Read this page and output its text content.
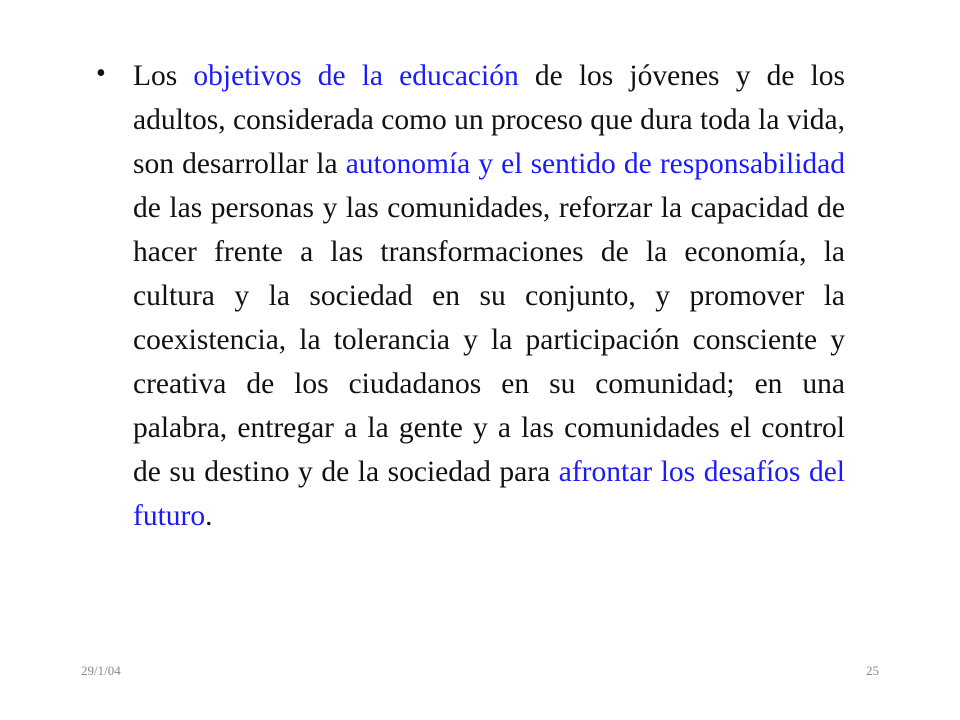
• Los objetivos de la educación de los jóvenes y de los adultos, considerada como un proceso que dura toda la vida, son desarrollar la autonomía y el sentido de responsabilidad de las personas y las comunidades, reforzar la capacidad de hacer frente a las transformaciones de la economía, la cultura y la sociedad en su conjunto, y promover la coexistencia, la tolerancia y la participación consciente y creativa de los ciudadanos en su comunidad; en una palabra, entregar a la gente y a las comunidades el control de su destino y de la sociedad para afrontar los desafíos del futuro.

29/1/04	25
